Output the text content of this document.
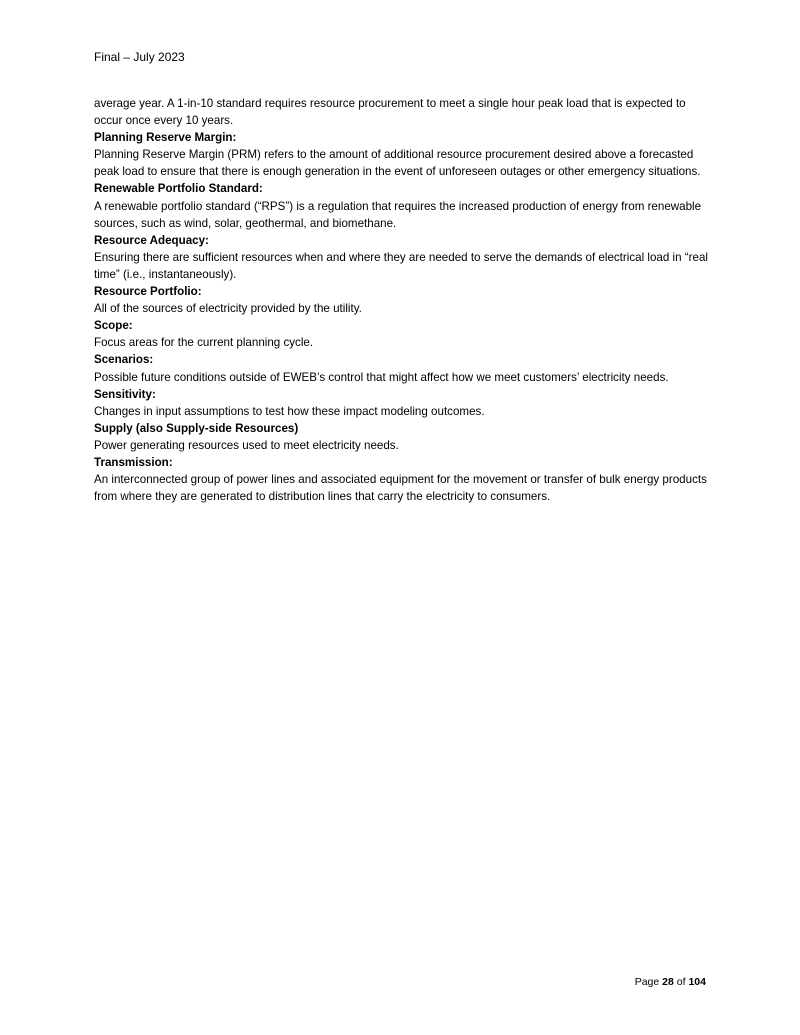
Final – July 2023

average year. A 1-in-10 standard requires resource procurement to meet a single hour peak load that is expected to occur once every 10 years.

Planning Reserve Margin:

Planning Reserve Margin (PRM) refers to the amount of additional resource procurement desired above a forecasted peak load to ensure that there is enough generation in the event of unforeseen outages or other emergency situations.

Renewable Portfolio Standard:

A renewable portfolio standard (“RPS”) is a regulation that requires the increased production of energy from renewable sources, such as wind, solar, geothermal, and biomethane.

Resource Adequacy:

Ensuring there are sufficient resources when and where they are needed to serve the demands of electrical load in “real time” (i.e., instantaneously).

Resource Portfolio:

All of the sources of electricity provided by the utility.

Scope:

Focus areas for the current planning cycle.

Scenarios:

Possible future conditions outside of EWEB’s control that might affect how we meet customers’ electricity needs.

Sensitivity:

Changes in input assumptions to test how these impact modeling outcomes.

Supply (also Supply-side Resources)

Power generating resources used to meet electricity needs.

Transmission:

An interconnected group of power lines and associated equipment for the movement or transfer of bulk energy products from where they are generated to distribution lines that carry the electricity to consumers.

Page 28 of 104
